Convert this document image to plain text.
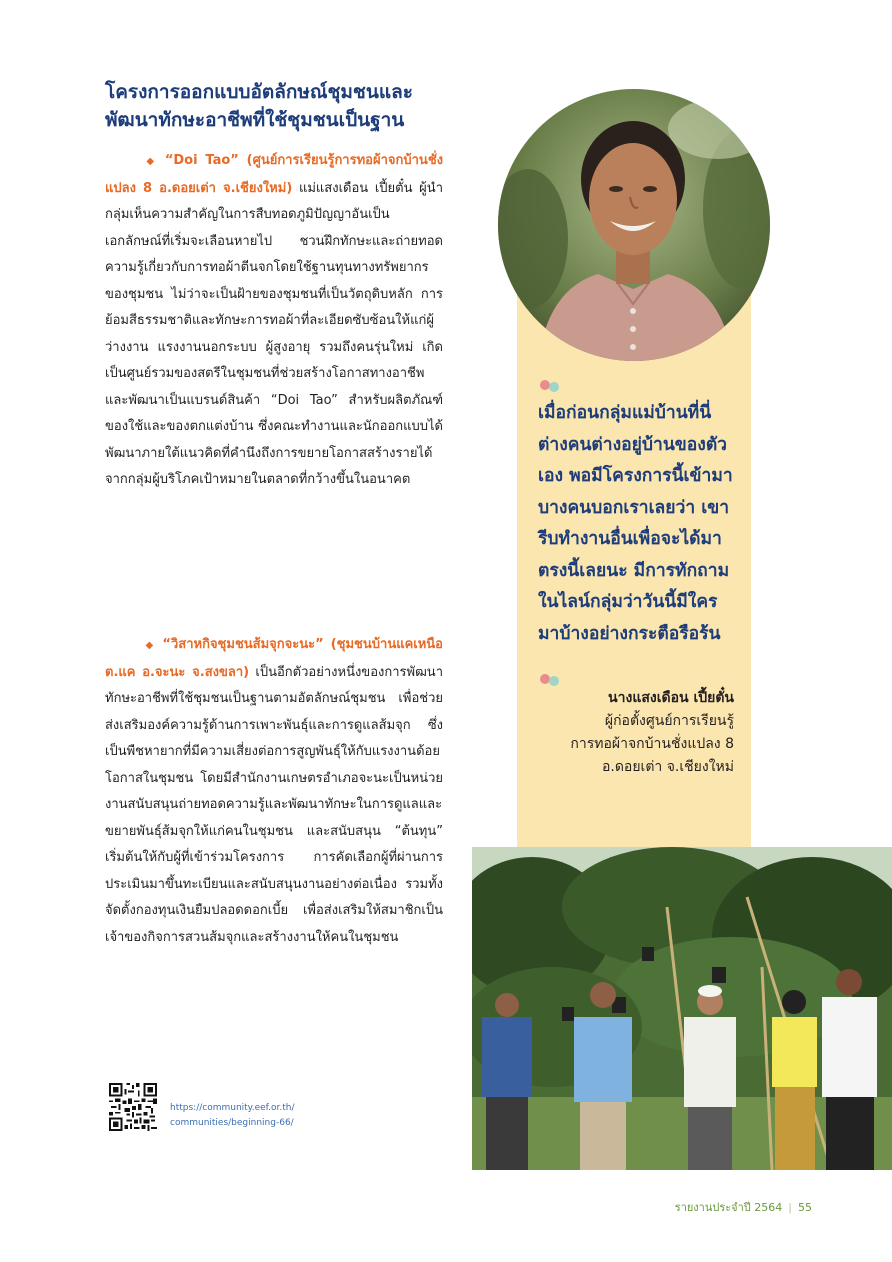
โครงการออกแบบอัตลักษณ์ชุมชนและ
พัฒนาทักษะอาชีพที่ใช้ชุมชนเป็นฐาน

◆ “Doi Tao” (ศูนย์การเรียนรู้การทอผ้าจกบ้านชั่งแปลง 8 อ.ดอยเต่า จ.เชียงใหม่) แม่แสงเดือน เปี้ยตั๋น ผู้นำกลุ่มเห็นความสำคัญในการสืบทอดภูมิปัญญาอันเป็นเอกลักษณ์ที่เริ่มจะเลือนหายไป ชวนฝึกทักษะและถ่ายทอดความรู้เกี่ยวกับการทอผ้าตีนจกโดยใช้ฐานทุนทางทรัพยากรของชุมชน ไม่ว่าจะเป็นฝ้ายของชุมชนที่เป็นวัตถุดิบหลัก การย้อมสีธรรมชาติและทักษะการทอผ้าที่ละเอียดซับซ้อนให้แก่ผู้ว่างงาน แรงงานนอกระบบ ผู้สูงอายุ รวมถึงคนรุ่นใหม่ เกิดเป็นศูนย์รวมของสตรีในชุมชนที่ช่วยสร้างโอกาสทางอาชีพ และพัฒนาเป็นแบรนด์สินค้า “Doi Tao” สำหรับผลิตภัณฑ์ของใช้และของตกแต่งบ้าน ซึ่งคณะทำงานและนักออกแบบได้พัฒนาภายใต้แนวคิดที่คำนึงถึงการขยายโอกาสสร้างรายได้จากกลุ่มผู้บริโภคเป้าหมายในตลาดที่กว้างขึ้นในอนาคต

◆ “วิสาหกิจชุมชนส้มจุกจะนะ” (ชุมชนบ้านแคเหนือ ต.แค อ.จะนะ จ.สงขลา) เป็นอีกตัวอย่างหนึ่งของการพัฒนาทักษะอาชีพที่ใช้ชุมชนเป็นฐานตามอัตลักษณ์ชุมชน เพื่อช่วยส่งเสริมองค์ความรู้ด้านการเพาะพันธุ์และการดูแลส้มจุก ซึ่งเป็นพืชหายากที่มีความเสี่ยงต่อการสูญพันธุ์ให้กับแรงงานด้อยโอกาสในชุมชน โดยมีสำนักงานเกษตรอำเภอจะนะเป็นหน่วยงานสนับสนุนถ่ายทอดความรู้และพัฒนาทักษะในการดูแลและขยายพันธุ์ส้มจุกให้แก่คนในชุมชน และสนับสนุน “ต้นทุน” เริ่มต้นให้กับผู้ที่เข้าร่วมโครงการ การคัดเลือกผู้ที่ผ่านการประเมินมาขึ้นทะเบียนและสนับสนุนงานอย่างต่อเนื่อง รวมทั้งจัดตั้งกองทุนเงินยืมปลอดดอกเบี้ย เพื่อส่งเสริมให้สมาชิกเป็นเจ้าของกิจการสวนส้มจุกและสร้างงานให้คนในชุมชน

https://community.eef.or.th/
communities/beginning-66/

เมื่อก่อนกลุ่มแม่บ้านที่นี่ต่างคนต่างอยู่บ้านของตัวเอง พอมีโครงการนี้เข้ามา บางคนบอกเราเลยว่า เขารีบทำงานอื่นเพื่อจะได้มาตรงนี้เลยนะ มีการทักถามในไลน์กลุ่มว่าวันนี้มีใครมาบ้างอย่างกระตือรือร้น

นางแสงเดือน เปี้ยตั๋น
ผู้ก่อตั้งศูนย์การเรียนรู้
การทอผ้าจกบ้านชั่งแปลง 8
อ.ดอยเต่า จ.เชียงใหม่
รายงานประจำปี 2564 | 55
